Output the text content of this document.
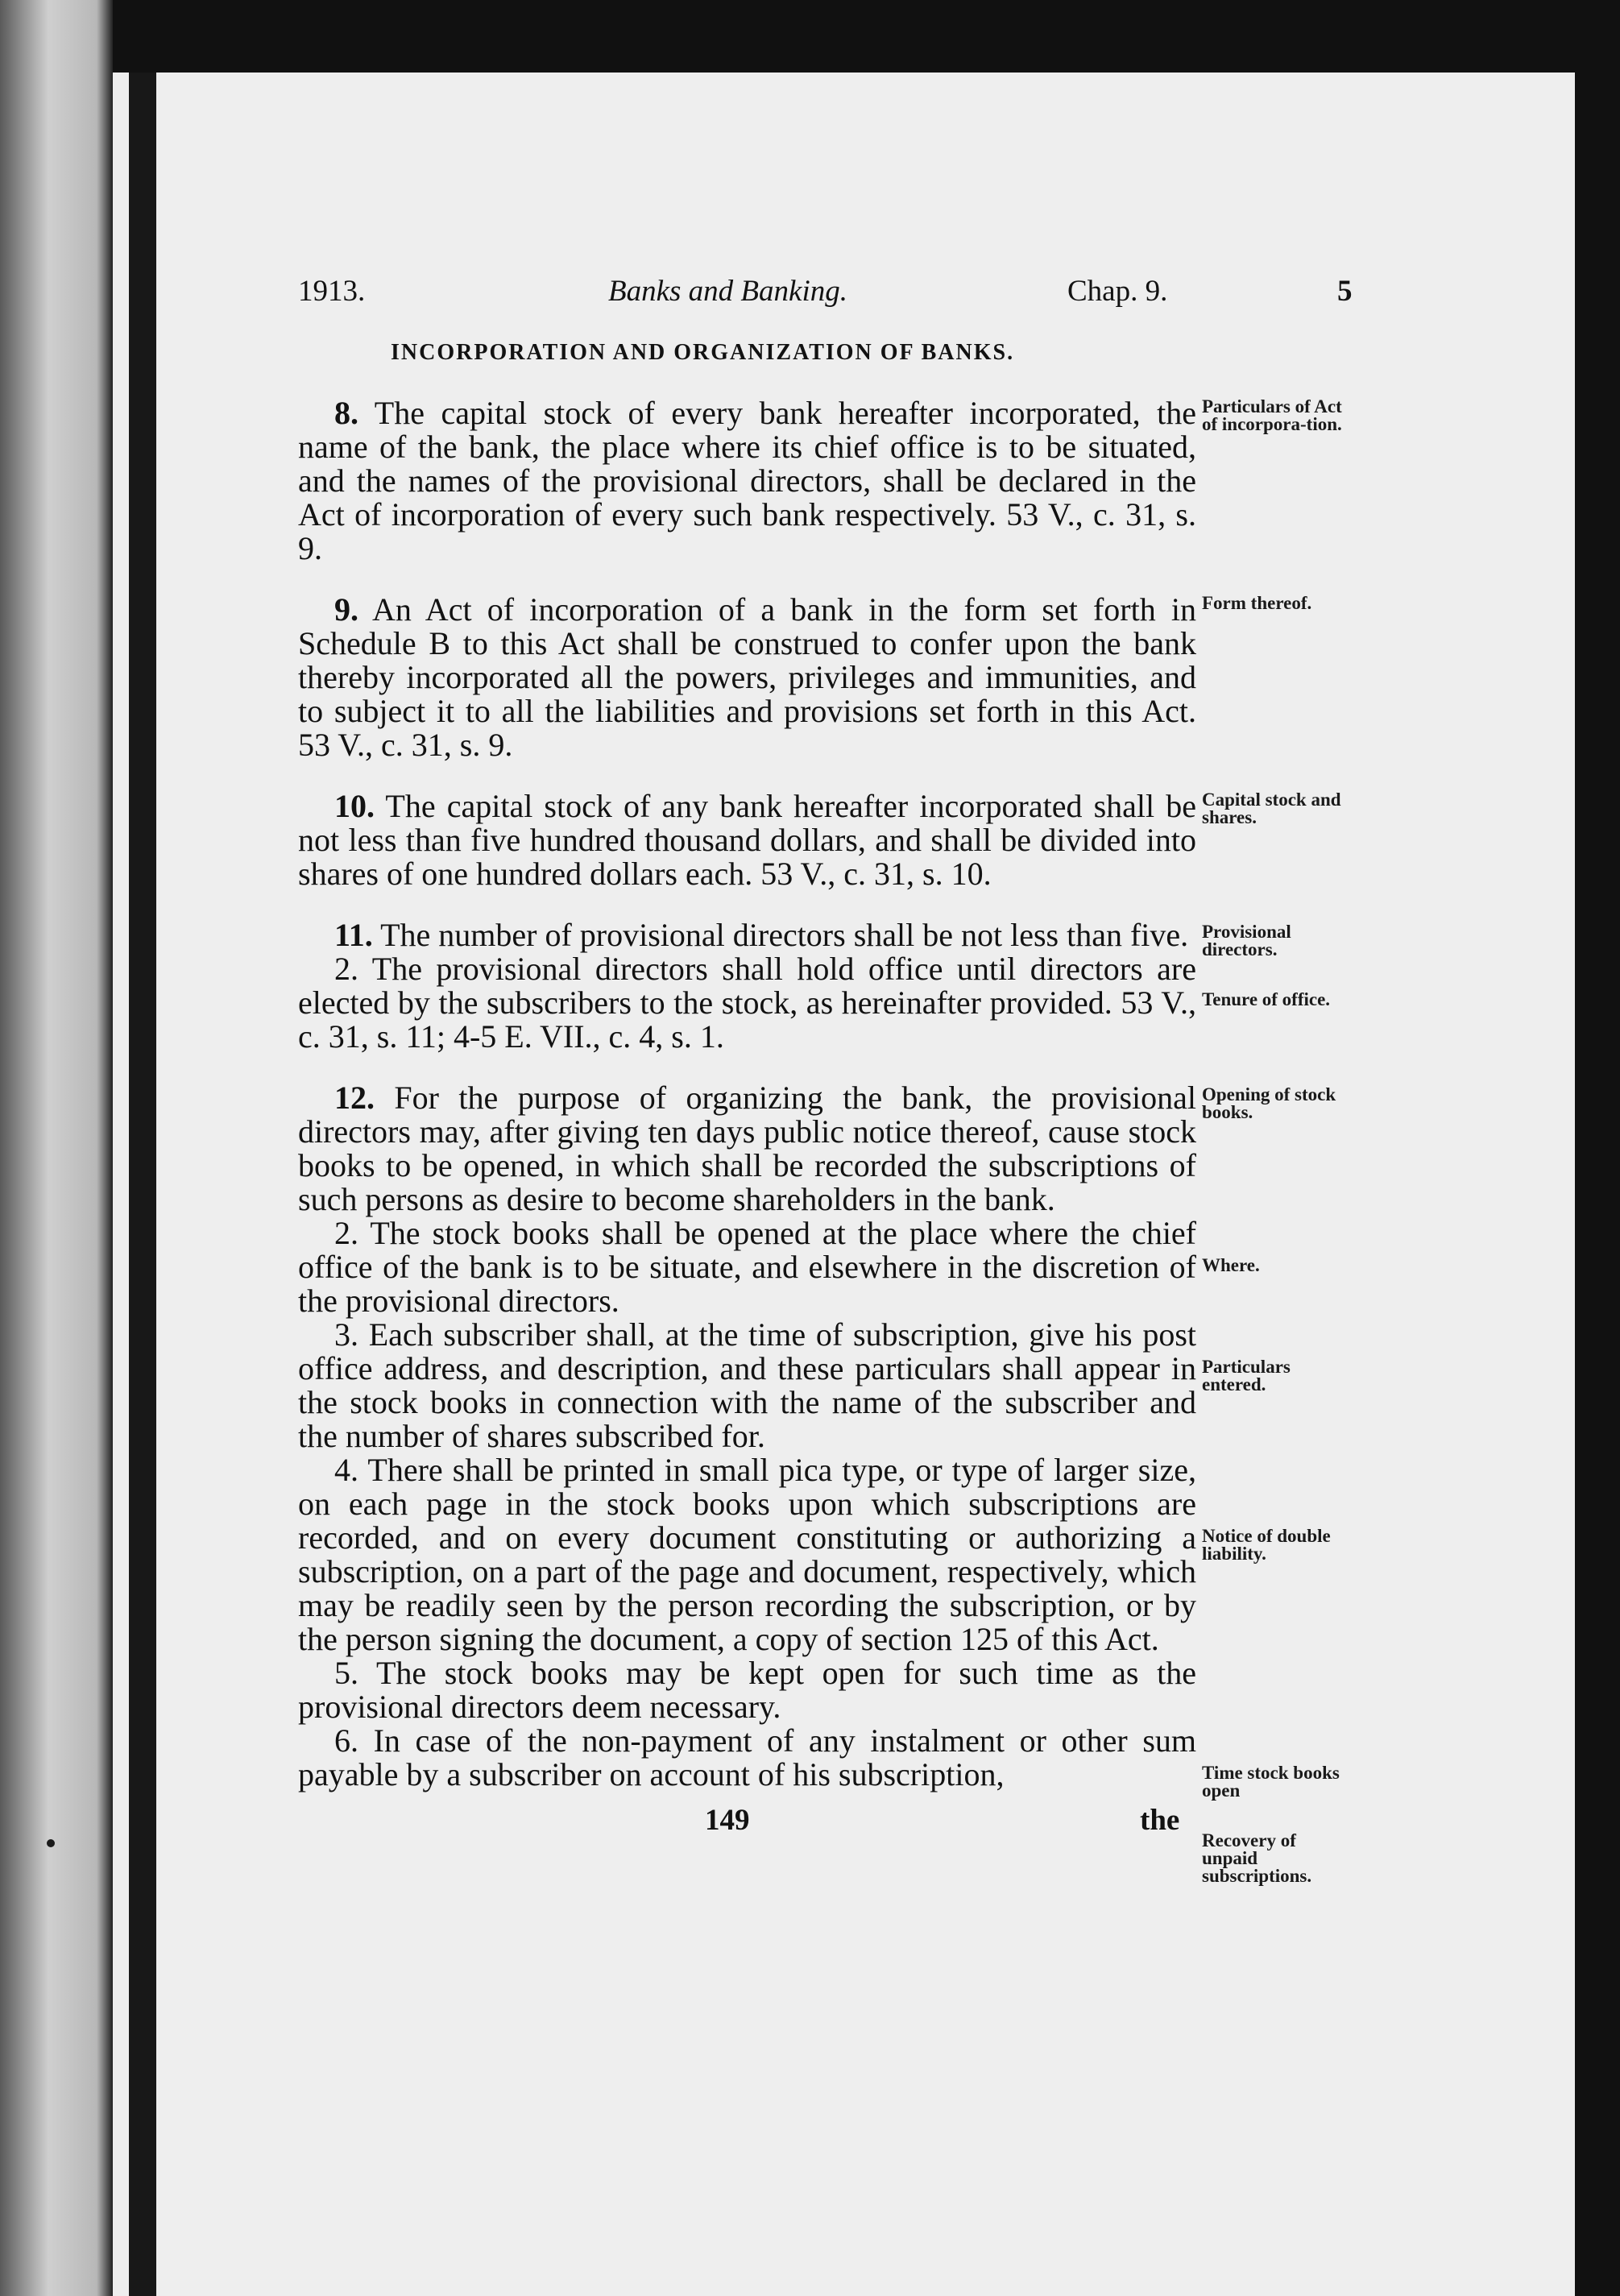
1913.	Banks and Banking.	Chap. 9.	5
INCORPORATION AND ORGANIZATION OF BANKS.
Particulars of Act of incorpora-tion.

8. The capital stock of every bank hereafter incorporated, the name of the bank, the place where its chief office is to be situated, and the names of the provisional directors, shall be declared in the Act of incorporation of every such bank respectively. 53 V., c. 31, s. 9.

Form thereof.

9. An Act of incorporation of a bank in the form set forth in Schedule B to this Act shall be construed to confer upon the bank thereby incorporated all the powers, privileges and immunities, and to subject it to all the liabilities and provisions set forth in this Act. 53 V., c. 31, s. 9.

Capital stock and shares.

10. The capital stock of any bank hereafter incorporated shall be not less than five hundred thousand dollars, and shall be divided into shares of one hundred dollars each. 53 V., c. 31, s. 10.

Provisional directors.
Tenure of office.

11. The number of provisional directors shall be not less than five.

2. The provisional directors shall hold office until directors are elected by the subscribers to the stock, as hereinafter provided. 53 V., c. 31, s. 11; 4-5 E. VII., c. 4, s. 1.

Opening of stock books.
Where.
Particulars entered.
Notice of double liability.
Time stock books open
Recovery of unpaid subscriptions.

12. For the purpose of organizing the bank, the provisional directors may, after giving ten days public notice thereof, cause stock books to be opened, in which shall be recorded the subscriptions of such persons as desire to become shareholders in the bank.

2. The stock books shall be opened at the place where the chief office of the bank is to be situate, and elsewhere in the discretion of the provisional directors.

3. Each subscriber shall, at the time of subscription, give his post office address, and description, and these particulars shall appear in the stock books in connection with the name of the subscriber and the number of shares subscribed for.

4. There shall be printed in small pica type, or type of larger size, on each page in the stock books upon which subscriptions are recorded, and on every document constituting or authorizing a subscription, on a part of the page and document, respectively, which may be readily seen by the person recording the subscription, or by the person signing the document, a copy of section 125 of this Act.

5. The stock books may be kept open for such time as the provisional directors deem necessary.

6. In case of the non-payment of any instalment or other sum payable by a subscriber on account of his subscription,

149	the
